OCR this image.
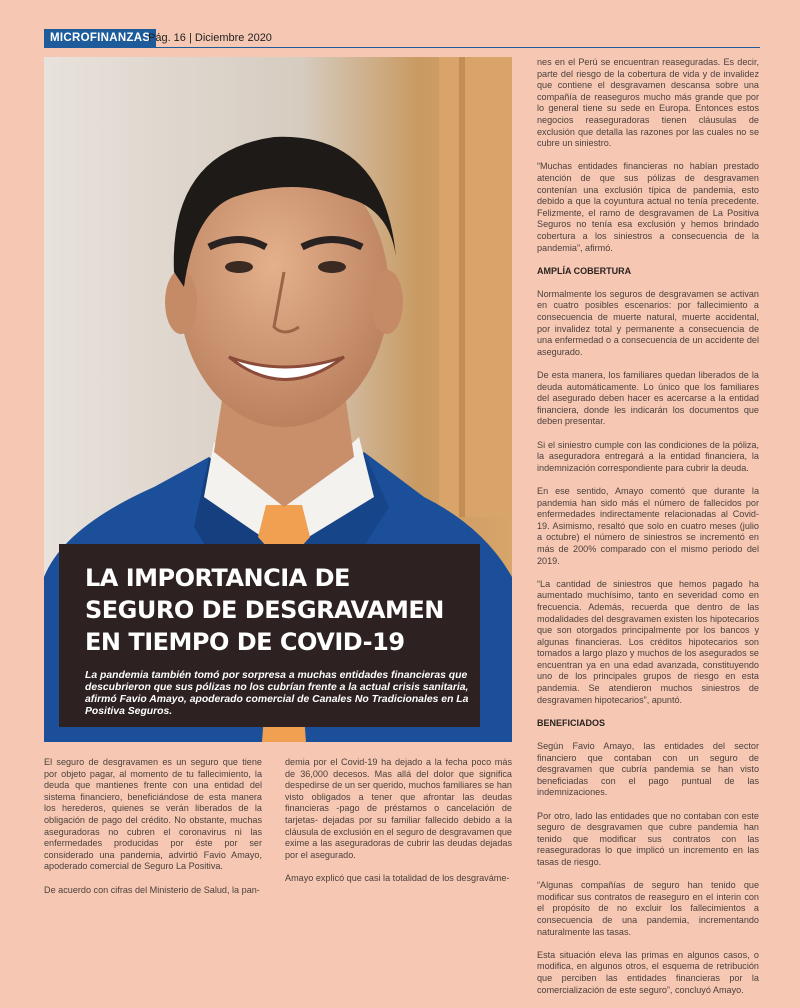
MICROFINANZAS
Pág. 16 | Diciembre 2020
LA IMPORTANCIA DE
SEGURO DE DESGRAVAMEN
EN TIEMPO DE COVID-19

La pandemia también tomó por sorpresa a muchas entidades financieras que descubrieron que sus pólizas no los cubrían frente a la actual crisis sanitaria, afirmó Favio Amayo, apoderado comercial de Canales No Tradicionales en La Positiva Seguros.

El seguro de desgravamen es un seguro que tiene por objeto pagar, al momento de tu fallecimiento, la deuda que mantienes frente con una entidad del sistema financiero, beneficiándose de esta manera los herederos, quienes se verán liberados de la obligación de pago del crédito. No obstante, muchas aseguradoras no cubren el coronavirus ni las enfermedades producidas por éste por ser considerado una pandemia, advirtió Favio Amayo, apoderado comercial de Seguro La Positiva.

De acuerdo con cifras del Ministerio de Salud, la pan-

demia por el Covid-19 ha dejado a la fecha poco más de 36,000 decesos. Mas allá del dolor que significa despedirse de un ser querido, muchos familiares se han visto obligados a tener que afrontar las deudas financieras -pago de préstamos o cancelación de tarjetas- dejadas por su familiar fallecido debido a la cláusula de exclusión en el seguro de desgravamen que exime a las aseguradoras de cubrir las deudas dejadas por el asegurado.

Amayo explicó que casi la totalidad de los desgravámе-

nes en el Perú se encuentran reaseguradas. Es decir, parte del riesgo de la cobertura de vida y de invalidez que contiene el desgravamen descansa sobre una compañía de reaseguros mucho más grande que por lo general tiene su sede en Europa. Entonces estos negocios reaseguradoras tienen cláusulas de exclusión que detalla las razones por las cuales no se cubre un siniestro.

“Muchas entidades financieras no habían prestado atención de que sus pólizas de desgravamen contenían una exclusión típica de pandemia, esto debido a que la coyuntura actual no tenía precedente. Felizmente, el ramo de desgravamen de La Positiva Seguros no tenía esa exclusión y hemos brindado cobertura a los siniestros a consecuencia de la pandemia”, afirmó.

AMPLÍA COBERTURA

Normalmente los seguros de desgravamen se activan en cuatro posibles escenarios: por fallecimiento a consecuencia de muerte natural, muerte accidental, por invalidez total y permanente a consecuencia de una enfermedad o a consecuencia de un accidente del asegurado.

De esta manera, los familiares quedan liberados de la deuda automáticamente. Lo único que los familiares del asegurado deben hacer es acercarse a la entidad financiera, donde les indicarán los documentos que deben presentar.

Si el siniestro cumple con las condiciones de la póliza, la aseguradora entregará a la entidad financiera, la indemnización correspondiente para cubrir la deuda.

En ese sentido, Amayo comentó que durante la pandemia han sido más el número de fallecidos por enfermedades indirectamente relacionadas al Covid-19. Asimismo, resaltó que solo en cuatro meses (julio a octubre) el número de siniestros se incrementó en más de 200% comparado con el mismo periodo del 2019.

“La cantidad de siniestros que hemos pagado ha aumentado muchísimo, tanto en severidad como en frecuencia. Además, recuerda que dentro de las modalidades del desgravamen existen los hipotecarios que son otorgados principalmente por los bancos y algunas financieras. Los créditos hipotecarios son tomados a largo plazo y muchos de los asegurados se encuentran ya en una edad avanzada, constituyendo uno de los principales grupos de riesgo en esta pandemia. Se atendieron muchos siniestros de desgravamen hipotecarios”, apuntó.

BENEFICIADOS

Según Favio Amayo, las entidades del sector financiero que contaban con un seguro de desgravamen que cubría pandemia se han visto beneficiadas con el pago puntual de las indemnizaciones.

Por otro, lado las entidades que no contaban con este seguro de desgravamen que cubre pandemia han tenido que modificar sus contratos con las reaseguradoras lo que implicó un incremento en las tasas de riesgo.

“Algunas compañías de seguro han tenido que modificar sus contratos de reaseguro en el interin con el propósito de no excluir los fallecimientos a consecuencia de una pandemia, incrementando naturalmente las tasas.

Esta situación eleva las primas en algunos casos, o modifica, en algunos otros, el esquema de retribución que perciben las entidades financieras por la comercialización de este seguro”, concluyó Amayo.
